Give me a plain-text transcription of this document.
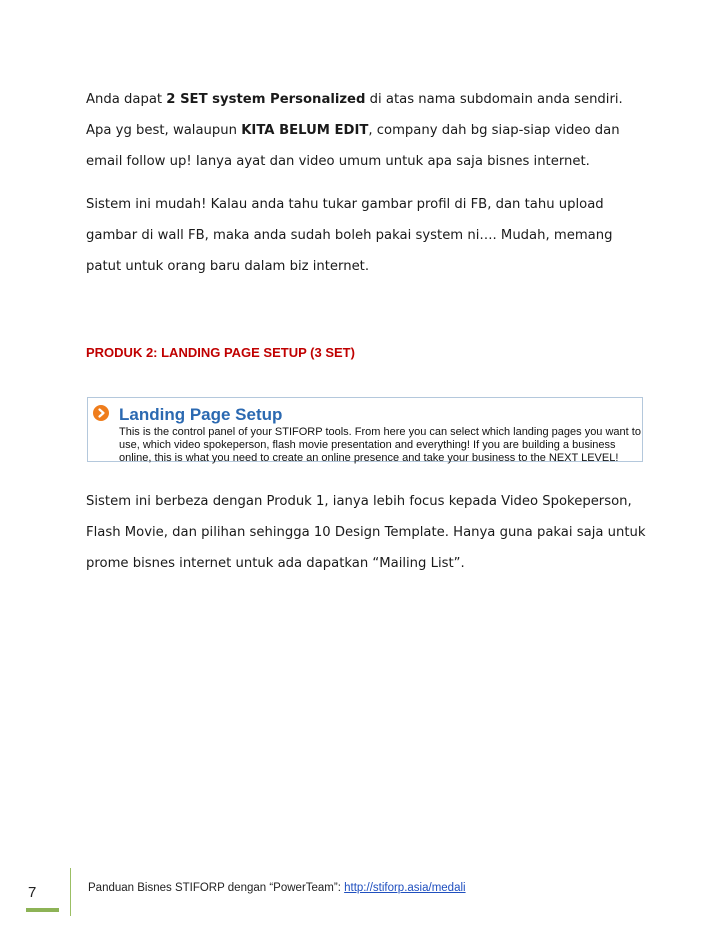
Anda dapat 2 SET system Personalized di atas nama subdomain anda sendiri. Apa yg best, walaupun KITA BELUM EDIT, company dah bg siap-siap video dan email follow up! Ianya ayat dan video umum untuk apa saja bisnes internet.
Sistem ini mudah! Kalau anda tahu tukar gambar profil di FB, dan tahu upload gambar di wall FB, maka anda sudah boleh pakai system ni…. Mudah, memang patut untuk orang baru dalam biz internet.
PRODUK 2: LANDING PAGE SETUP (3 SET)
Landing Page Setup
This is the control panel of your STIFORP tools. From here you can select which landing pages you want to use, which video spokeperson, flash movie presentation and everything! If you are building a business online, this is what you need to create an online presence and take your business to the NEXT LEVEL!
Sistem ini berbeza dengan Produk 1, ianya lebih focus kepada Video Spokeperson, Flash Movie, dan pilihan sehingga 10 Design Template. Hanya guna pakai saja untuk prome bisnes internet untuk ada dapatkan “Mailing List”.
7	Panduan Bisnes STIFORP dengan “PowerTeam”: http://stiforp.asia/medali
